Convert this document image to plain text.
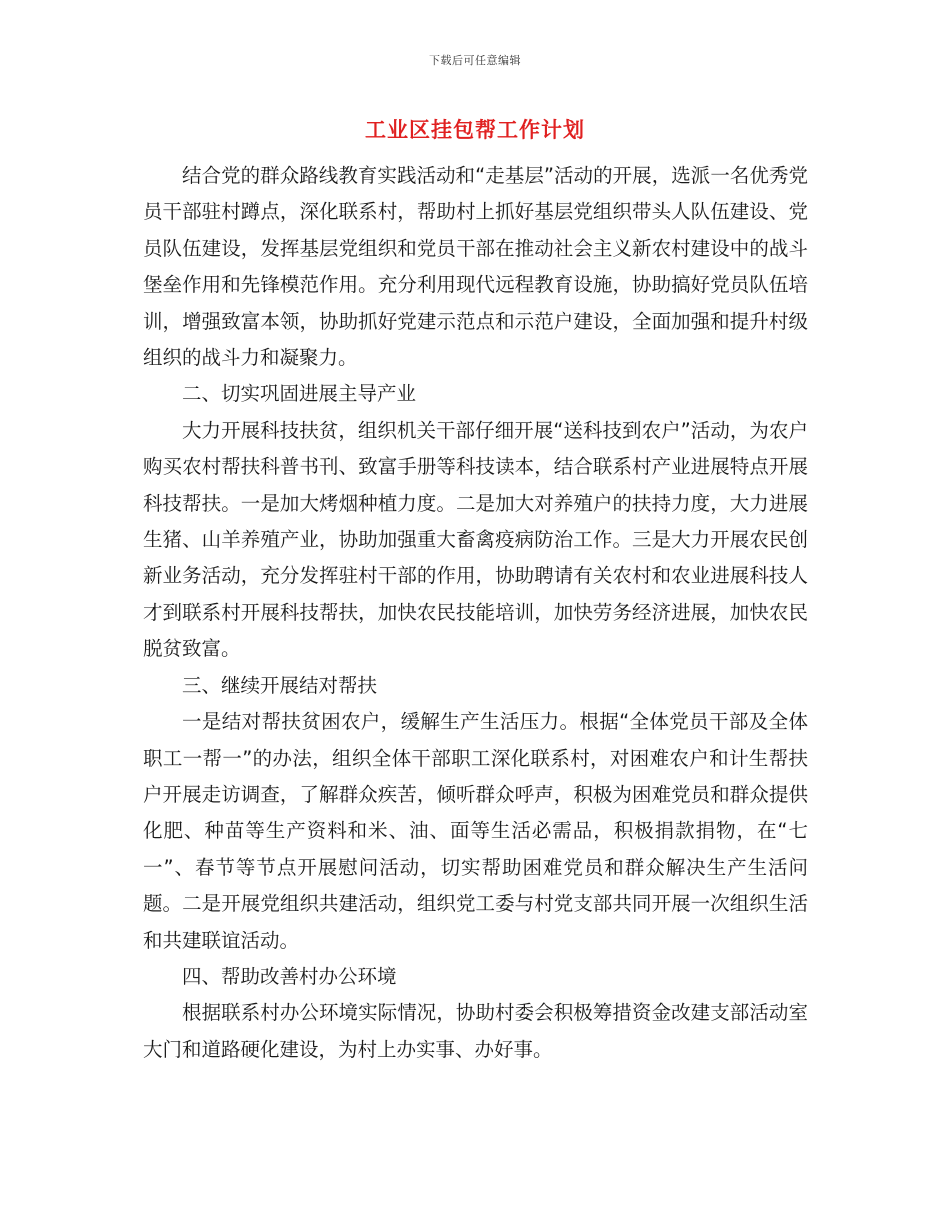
下载后可任意编辑
工业区挂包帮工作计划

结合党的群众路线教育实践活动和“走基层”活动的开展，选派一名优秀党员干部驻村蹲点，深化联系村，帮助村上抓好基层党组织带头人队伍建设、党员队伍建设，发挥基层党组织和党员干部在推动社会主义新农村建设中的战斗堡垒作用和先锋模范作用。充分利用现代远程教育设施，协助搞好党员队伍培训，增强致富本领，协助抓好党建示范点和示范户建设，全面加强和提升村级组织的战斗力和凝聚力。

二、切实巩固进展主导产业

大力开展科技扶贫，组织机关干部仔细开展“送科技到农户”活动，为农户购买农村帮扶科普书刊、致富手册等科技读本，结合联系村产业进展特点开展科技帮扶。一是加大烤烟种植力度。二是加大对养殖户的扶持力度，大力进展生猪、山羊养殖产业，协助加强重大畜禽疫病防治工作。三是大力开展农民创新业务活动，充分发挥驻村干部的作用，协助聘请有关农村和农业进展科技人才到联系村开展科技帮扶，加快农民技能培训，加快劳务经济进展，加快农民脱贫致富。

三、继续开展结对帮扶

一是结对帮扶贫困农户，缓解生产生活压力。根据“全体党员干部及全体职工一帮一”的办法，组织全体干部职工深化联系村，对困难农户和计生帮扶户开展走访调查，了解群众疾苦，倾听群众呼声，积极为困难党员和群众提供化肥、种苗等生产资料和米、油、面等生活必需品，积极捐款捐物，在“七一”、春节等节点开展慰问活动，切实帮助困难党员和群众解决生产生活问题。二是开展党组织共建活动，组织党工委与村党支部共同开展一次组织生活和共建联谊活动。

四、帮助改善村办公环境

根据联系村办公环境实际情况，协助村委会积极筹措资金改建支部活动室大门和道路硬化建设，为村上办实事、办好事。
